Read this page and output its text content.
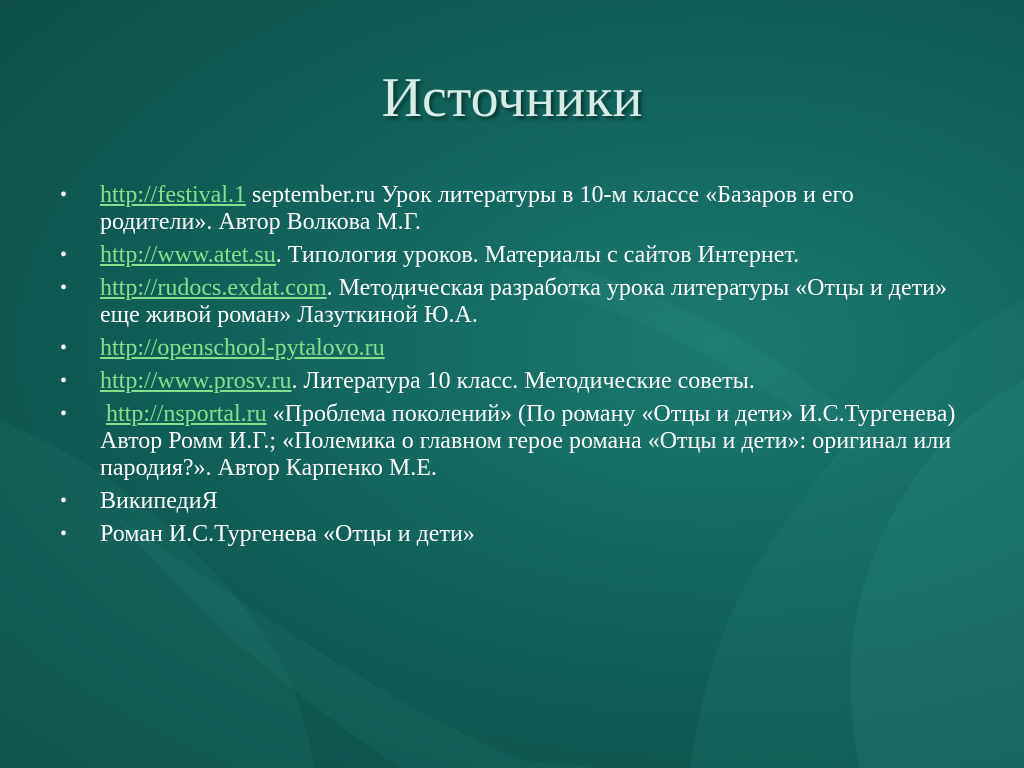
Источники
• http://festival.1 september.ru Урок литературы в 10-м классе «Базаров и его родители». Автор Волкова М.Г.
• http://www.atet.su. Типология уроков. Материалы с сайтов Интернет.
• http://rudocs.exdat.com. Методическая разработка урока литературы «Отцы и дети» еще живой роман» Лазуткиной Ю.А.
• http://openschool-pytalovo.ru
• http://www.prosv.ru. Литература 10 класс. Методические советы.
• http://nsportal.ru «Проблема поколений» (По роману «Отцы и дети» И.С.Тургенева) Автор Ромм И.Г.; «Полемика о главном герое романа «Отцы и дети»: оригинал или пародия?». Автор Карпенко М.Е.
• ВикипедиЯ
• Роман И.С.Тургенева «Отцы и дети»
